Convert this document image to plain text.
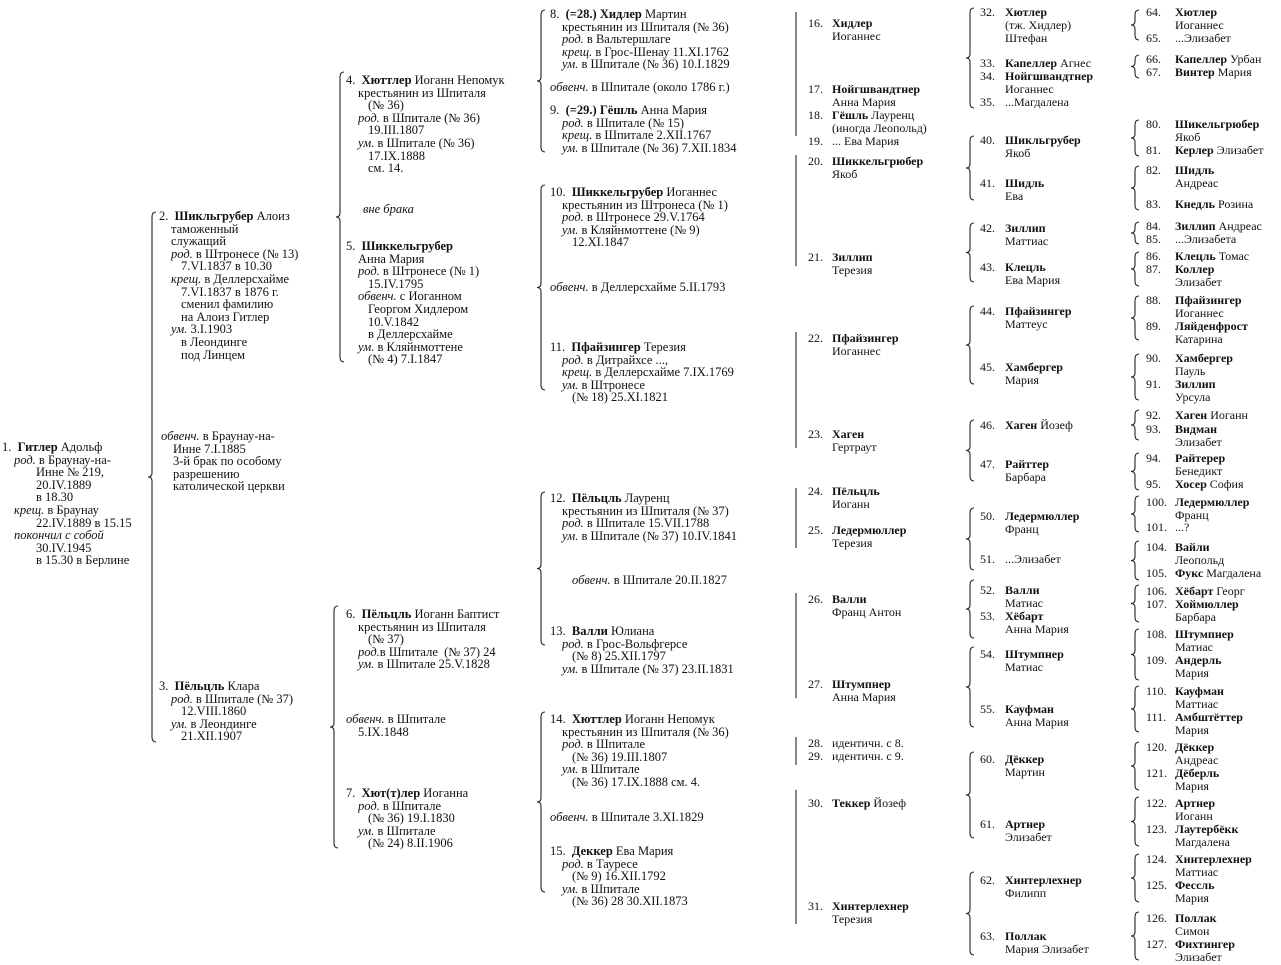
1.  Гитлер Адольф
род. в Браунау-на-
Инне № 219,
20.IV.1889
в 18.30
крещ. в Браунау
22.IV.1889 в 15.15
покончил с собой
30.IV.1945
в 15.30 в Берлине
2.  Шикльгрубер Алоиз
таможенный
служащий
род. в Штронесе (№ 13)
7.VI.1837 в 10.30
крещ. в Деллерсхайме
7.VI.1837 в 1876 г.
сменил фамилию
на Алоиз Гитлер
ум. 3.I.1903
в Леондинге
под Линцем
обвенч. в Браунау-на-
Инне 7.I.1885
3-й брак по особому
разрешению
католической церкви
3.  Пёльцль Клара
род. в Шпитале (№ 37)
12.VIII.1860
ум. в Леондинге
21.XII.1907
4.  Хюттлер Иоганн Непомук
крестьянин из Шпиталя
(№ 36)
род. в Шпитале (№ 36)
19.III.1807
ум. в Шпитале (№ 36)
17.IX.1888
см. 14.
вне брака
5.  Шиккельгрубер
Анна Мария
род. в Штронесе (№ 1)
15.IV.1795
обвенч. с Иоганном
Георгом Хидлером
10.V.1842
в Деллерсхайме
ум. в Кляйнмоттене
(№ 4) 7.I.1847
6.  Пёльцль Иоганн Баптист
крестьянин из Шпиталя
(№ 37)
род.в Шпитале  (№ 37) 24
ум. в Шпитале 25.V.1828
обвенч. в Шпитале
5.IX.1848
7.  Хют(т)лер Иоганна
род. в Шпитале
(№ 36) 19.I.1830
ум. в Шпитале
(№ 24) 8.II.1906
8.  (=28.) Хидлер Мартин
крестьянин из Шпиталя (№ 36)
род. в Вальтершлаге
крещ. в Грос-Шенау 11.XI.1762
ум. в Шпитале (№ 36) 10.I.1829
обвенч. в Шпитале (около 1786 г.)
9.  (=29.) Гёшль Анна Мария
род. в Шпитале (№ 15)
крещ. в Шпитале 2.XII.1767
ум. в Шпитале (№ 36) 7.XII.1834
10.  Шиккельгрубер Иоганнес
крестьянин из Штронеса (№ 1)
род. в Штронесе 29.V.1764
ум. в Кляйнмоттене (№ 9)
12.XI.1847
обвенч. в Деллерсхайме 5.II.1793
11.  Пфайзингер Терезия
род. в Дитрайхсе ...,
крещ. в Деллерсхайме 7.IX.1769
ум. в Штронесе
(№ 18) 25.XI.1821
12.  Пёльцль Лауренц
крестьянин из Шпиталя (№ 37)
род. в Шпитале 15.VII.1788
ум. в Шпитале (№ 37) 10.IV.1841
обвенч. в Шпитале 20.II.1827
13.  Валли Юлиана
род. в Грос-Вольфгерсе
(№ 8) 25.XII.1797
ум. в Шпитале (№ 37) 23.II.1831
14.  Хюттлер Иоганн Непомук
крестьянин из Шпиталя (№ 36)
род. в Шпитале
(№ 36) 19.III.1807
ум. в Шпитале
(№ 36) 17.IX.1888 см. 4.
обвенч. в Шпитале 3.XI.1829
15.  Деккер Ева Мария
род. в Тауресе
(№ 9) 16.XII.1792
ум. в Шпитале
(№ 36) 28 30.XII.1873
16. Хидлер
Иоганнес
17. Нойгшвандтнер
Анна Мария
18. Гёшль Лауренц
(иногда Леопольд)
19. ... Ева Мария
20. Шиккельгрюбер
Якоб
21. Зиллип
Терезия
22. Пфайзингер
Иоганнес
23. Хаген
Гертраут
24. Пёльцль
Иоганн
25. Ледермюллер
Терезия
26. Валли
Франц Антон
27. Штумпнер
Анна Мария
28. идентичн. с 8.
29. идентичн. с 9.
30. Теккер Йозеф
31. Хинтерлехнер
Терезия
32. Хютлер
(тж. Хидлер)
Штефан
33. Капеллер Агнес
34. Нойгшвандтнер
Иоганнес
35. ...Магдалена
40. Шикльгрубер
Якоб
41. Шидль
Ева
42. Зиллип
Маттиас
43. Клецль
Ева Мария
44. Пфайзингер
Маттеус
45. Хамбергер
Мария
46. Хаген Йозеф
47. Райттер
Барбара
50. Ледермюллер
Франц
51. ...Элизабет
52. Валли
Матиас
53. Хёбарт
Анна Мария
54. Штумпнер
Матиас
55. Кауфман
Анна Мария
60. Дёккер
Мартин
61. Артнер
Элизабет
62. Хинтерлехнер
Филипп
63. Поллак
Мария Элизабет
64. Хютлер
Иоганнес
65. ...Элизабет
66. Капеллер Урбан
67. Винтер Мария
80. Шикельгрюбер
Якоб
81. Керлер Элизабет
82. Шидль
Андреас
83. Кнедль Розина
84. Зиллип Андреас
85. ...Элизабета
86. Клецль Томас
87. Коллер
Элизабет
88. Пфайзингер
Иоганнес
89. Ляйденфрост
Катарина
90. Хамбергер
Пауль
91. Зиллип
Урсула
92. Хаген Иоганн
93. Видман
Элизабет
94. Райтерер
Бенедикт
95. Хосер София
100. Ледермюллер
Франц
101. ...?
104. Вайли
Леопольд
105. Фукс Магдалена
106. Хёбарт Георг
107. Хоймюллер
Барбара
108. Штумпнер
Матиас
109. Андерль
Мария
110. Кауфман
Маттиас
111. Амбштёттер
Мария
120. Дёккер
Андреас
121. Дёберль
Мария
122. Артнер
Иоганн
123. Лаутербёкк
Магдалена
124. Хинтерлехнер
Маттиас
125. Фессль
Мария
126. Поллак
Симон
127. Фихтингер
Элизабет
